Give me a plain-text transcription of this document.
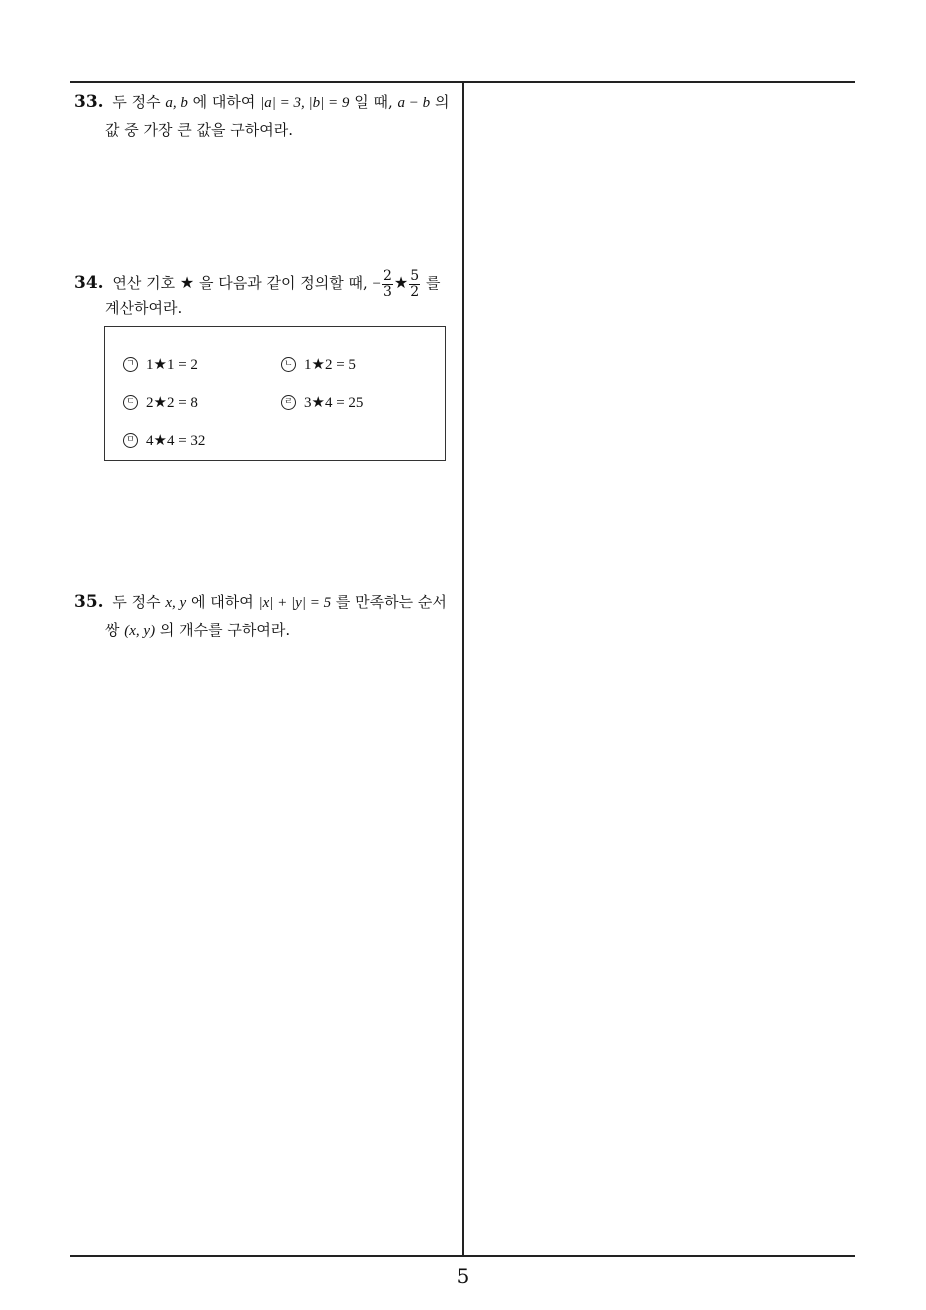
33. 두 정수 a, b 에 대하여 |a| = 3, |b| = 9 일 때, a − b 의
값 중 가장 큰 값을 구하여라.
34. 연산 기호 ★ 을 다음과 같이 정의할 때, − $\frac{2}{3}$ ★ $\frac{5}{2}$ 를
계산하여라.
ㄱ 1★1 = 2	ㄴ 1★2 = 5
ㄷ 2★2 = 8	ㄹ 3★4 = 25
ㅁ 4★4 = 32
35. 두 정수 x, y 에 대하여 |x| + |y| = 5 를 만족하는 순서
쌍 (x, y) 의 개수를 구하여라.
5
